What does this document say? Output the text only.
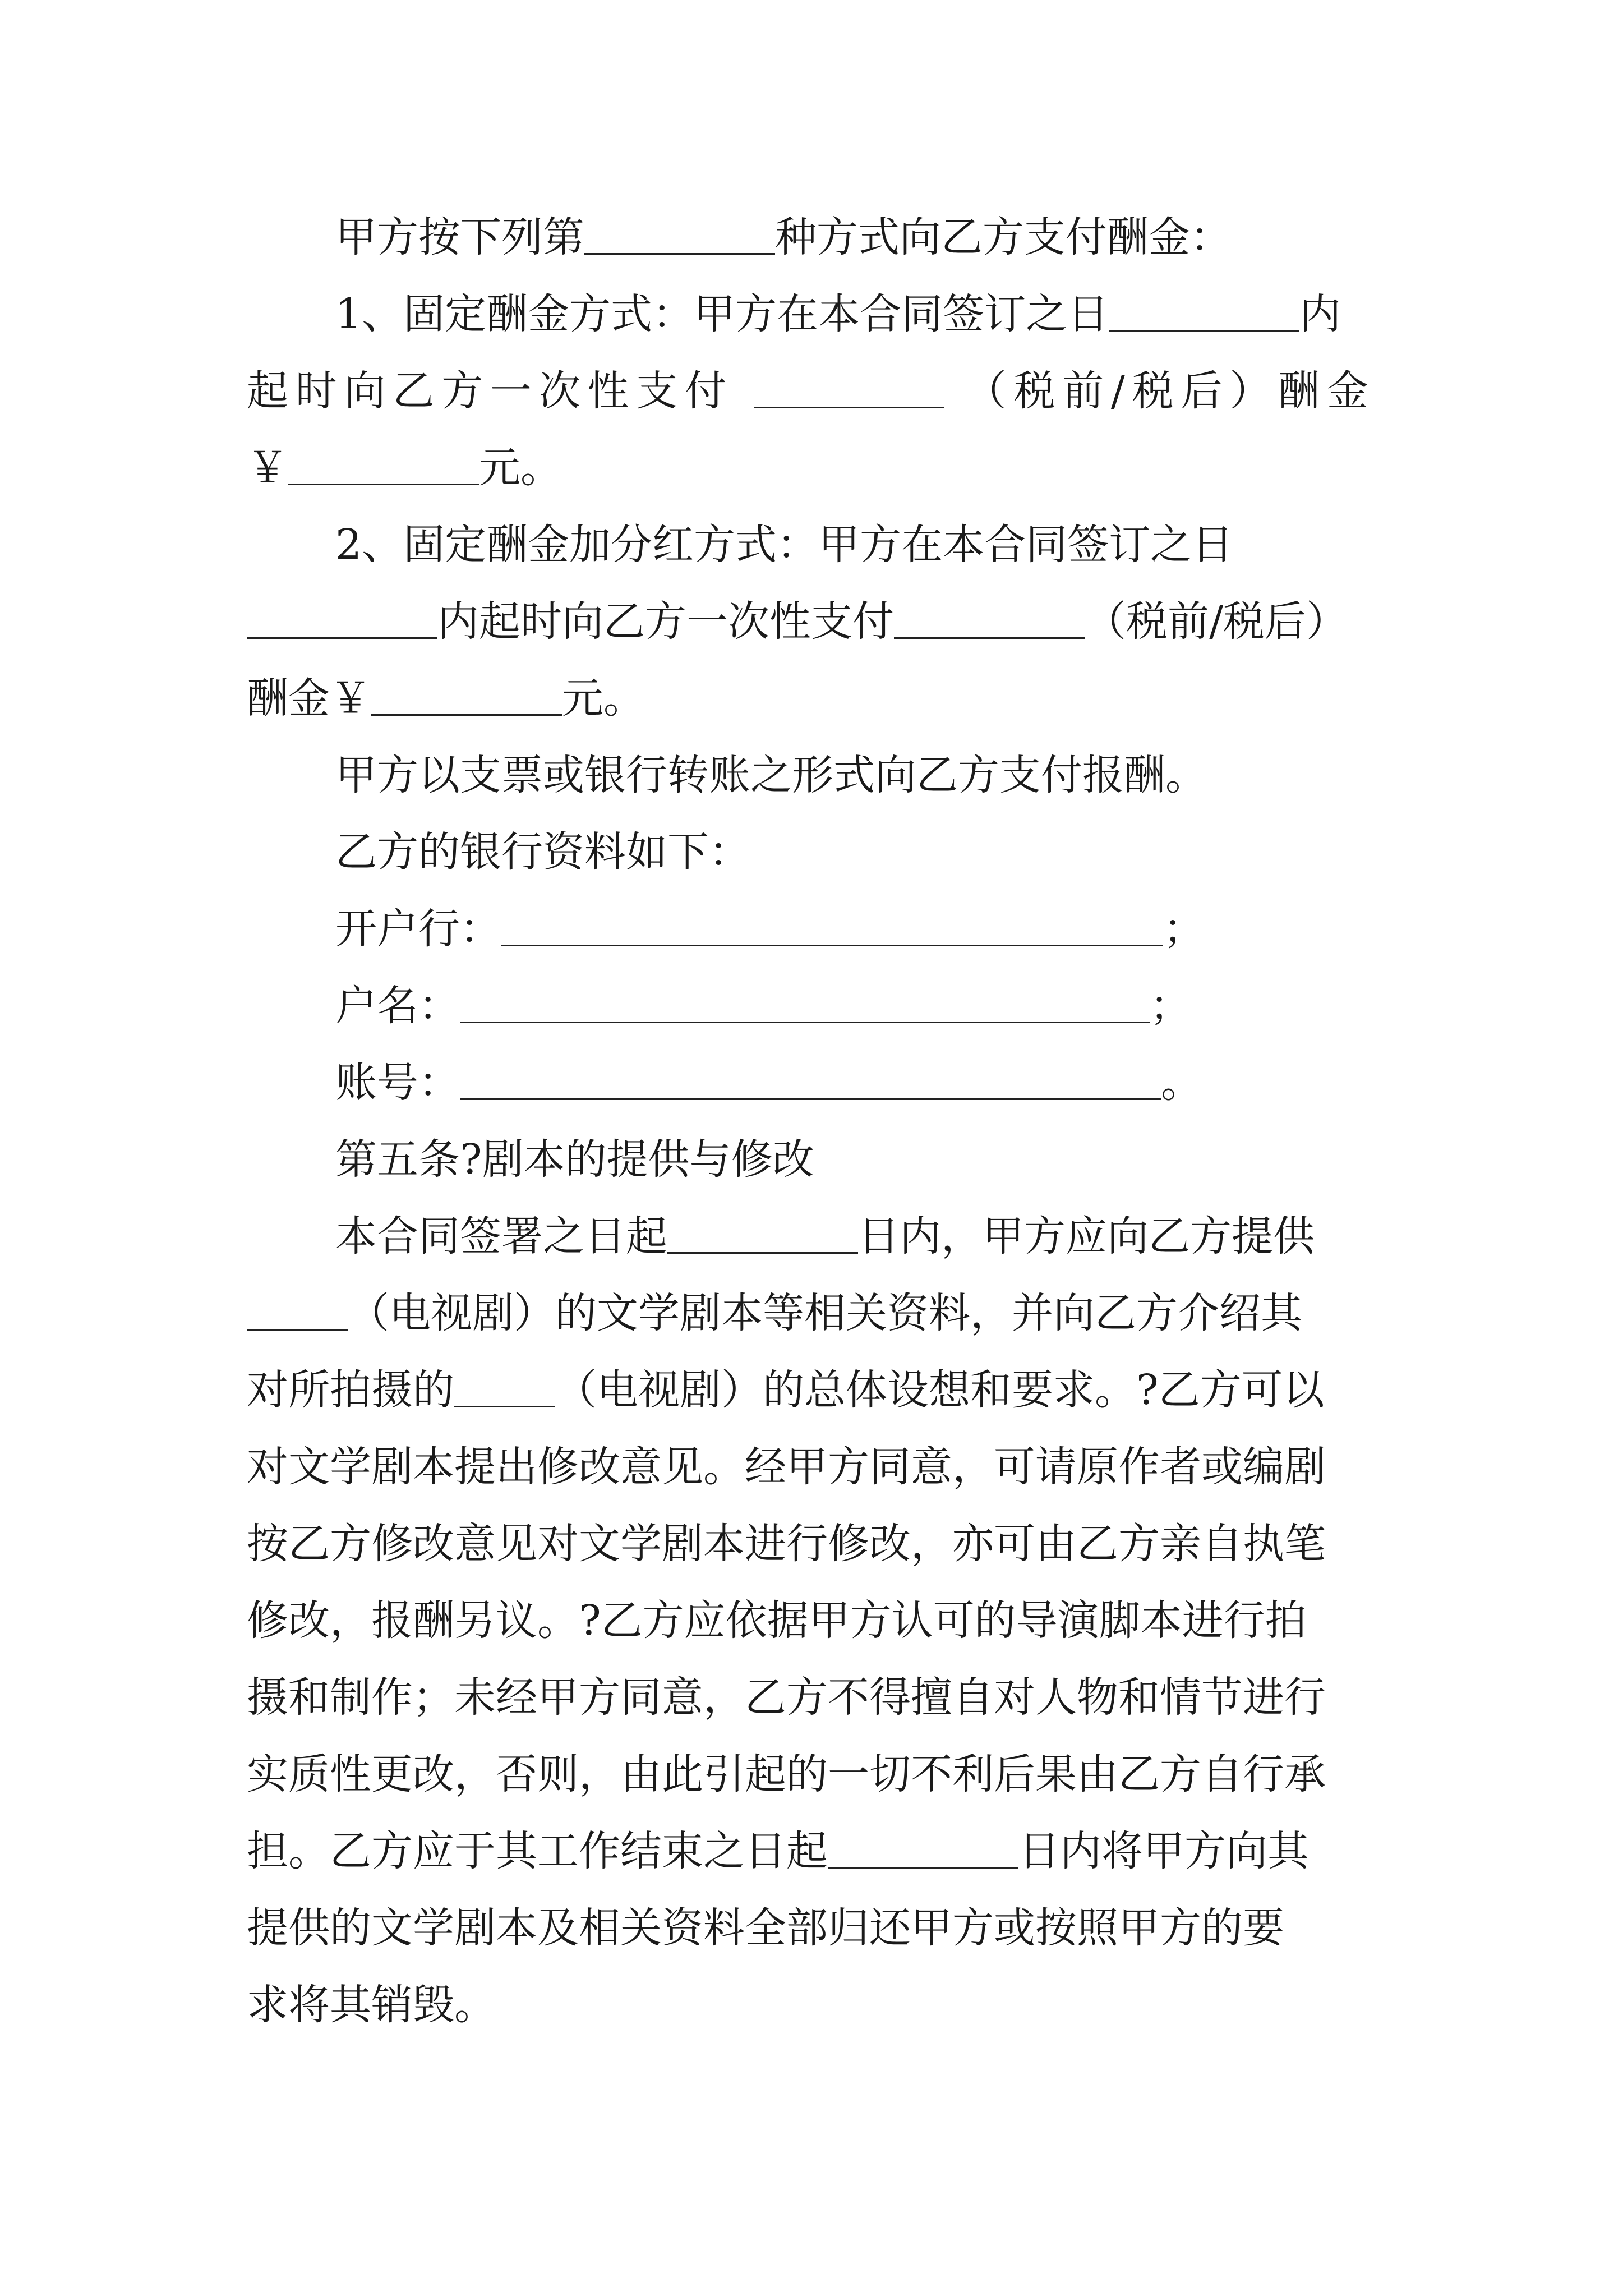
甲方按下列第	种方式向乙方支付酬金：
1、固定酬金方式：甲方在本合同签订之日	内
起时向乙方一次性支付	（税前/税后）酬金
￥	元。
2、固定酬金加分红方式：甲方在本合同签订之日
内起时向乙方一次性支付	（税前/税后）
酬金￥	元。
甲方以支票或银行转账之形式向乙方支付报酬。
乙方的银行资料如下：
开户行：	；
户名：	；
账号：	。
第五条?剧本的提供与修改
本合同签署之日起	日内，甲方应向乙方提供
（电视剧）的文学剧本等相关资料，并向乙方介绍其
对所拍摄的 （电视剧）的总体设想和要求。?乙方可以
对文学剧本提出修改意见。经甲方同意，可请原作者或编剧
按乙方修改意见对文学剧本进行修改，亦可由乙方亲自执笔
修改，报酬另议。?乙方应依据甲方认可的导演脚本进行拍
摄和制作；未经甲方同意，乙方不得擅自对人物和情节进行
实质性更改，否则，由此引起的一切不利后果由乙方自行承
担。乙方应于其工作结束之日起	日内将甲方向其
提供的文学剧本及相关资料全部归还甲方或按照甲方的要
求将其销毁。
